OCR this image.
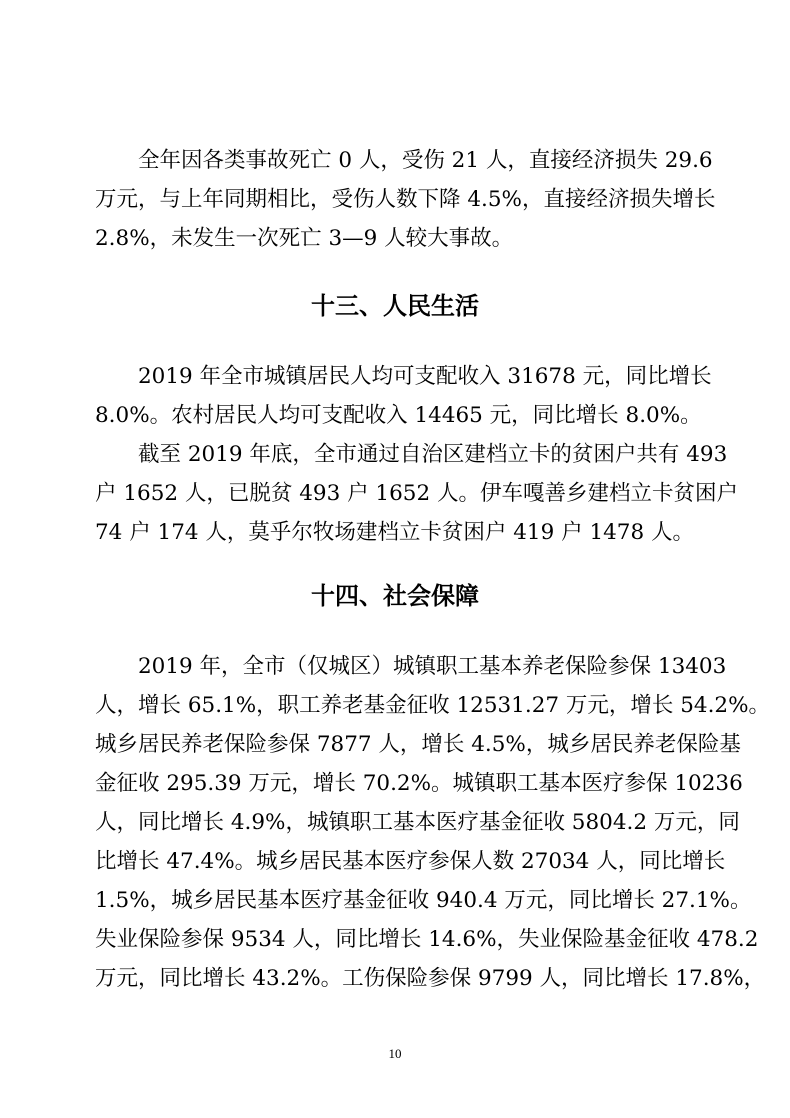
全年因各类事故死亡 0 人，受伤 21 人，直接经济损失 29.6
万元，与上年同期相比，受伤人数下降 4.5%，直接经济损失增长
2.8%，未发生一次死亡 3—9 人较大事故。
十三、人民生活
2019 年全市城镇居民人均可支配收入 31678 元，同比增长
8.0%。农村居民人均可支配收入 14465 元，同比增长 8.0%。
截至 2019 年底，全市通过自治区建档立卡的贫困户共有 493
户 1652 人，已脱贫 493 户 1652 人。伊车嘎善乡建档立卡贫困户
74 户 174 人，莫乎尔牧场建档立卡贫困户 419 户 1478 人。
十四、社会保障
2019 年，全市（仅城区）城镇职工基本养老保险参保 13403
人，增长 65.1%，职工养老基金征收 12531.27 万元，增长 54.2%。
城乡居民养老保险参保 7877 人，增长 4.5%，城乡居民养老保险基
金征收 295.39 万元，增长 70.2%。城镇职工基本医疗参保 10236
人，同比增长 4.9%，城镇职工基本医疗基金征收 5804.2 万元，同
比增长 47.4%。城乡居民基本医疗参保人数 27034 人，同比增长
1.5%，城乡居民基本医疗基金征收 940.4 万元，同比增长 27.1%。
失业保险参保 9534 人，同比增长 14.6%，失业保险基金征收 478.2
万元，同比增长 43.2%。工伤保险参保 9799 人，同比增长 17.8%，
10
